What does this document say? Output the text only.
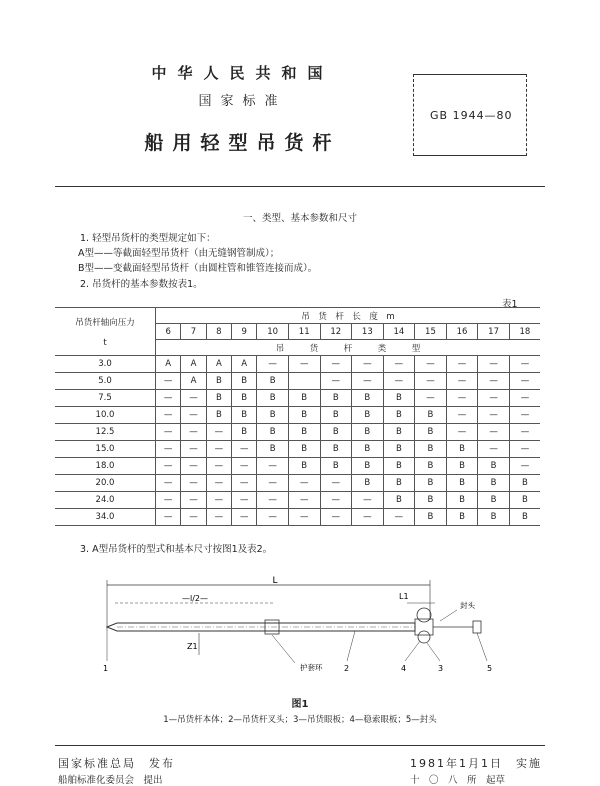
中华人民共和国
国家标准
船用轻型吊货杆
GB 1944—80
一、类型、基本参数和尺寸
1. 轻型吊货杆的类型规定如下：
A型——等截面轻型吊货杆（由无缝钢管制成）；
B型——变截面轻型吊货杆（由圆柱管和锥管连接而成）。
2. 吊货杆的基本参数按表1。
表1
吊货杆轴向压力

t	吊　货　杆　长　度　m												
	6	7	8	9	10	11	12	13	14	15	16	17	18
	吊　　　货　　　杆　　　类　　　型												
3.0	A	A	A	A	—	—	—	—	—	—	—	—	—
5.0	—	A	B	B	B		—	—	—	—	—	—	—
7.5	—	—	B	B	B	B	B	B	B	—	—	—	—
10.0	—	—	B	B	B	B	B	B	B	B	—	—	—
12.5	—	—	—	B	B	B	B	B	B	B	—	—	—
15.0	—	—	—	—	B	B	B	B	B	B	B	—	—
18.0	—	—	—	—	—	B	B	B	B	B	B	B	—
20.0	—	—	—	—	—	—	—	B	B	B	B	B	B
24.0	—	—	—	—	—	—	—	—	B	B	B	B	B
34.0	—	—	—	—	—	—	—	—	—	B	B	B	B
3. A型吊货杆的型式和基本尺寸按图1及表2。
L
—l/2—
护套环
封头
L1
Z1
1	2	4	3	5
图1
1—吊货杆本体；2—吊货杆叉头；3—吊货眼板；4—稳索眼板；5—封头
国家标准总局　发布
船舶标准化委员会　提出
1981年1月1日　实施
十　〇　八　所　起草
